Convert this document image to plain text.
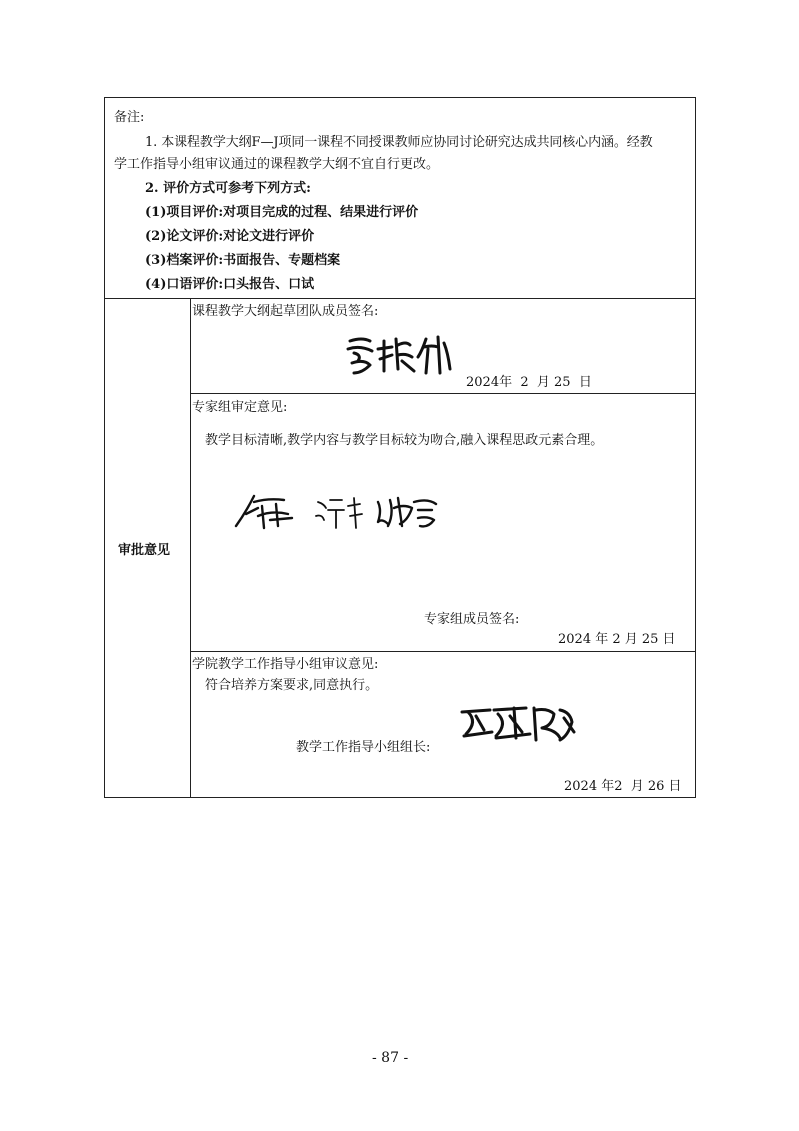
备注:
1. 本课程教学大纲F—J项同一课程不同授课教师应协同讨论研究达成共同核心内涵。经教
学工作指导小组审议通过的课程教学大纲不宜自行更改。
2. 评价方式可参考下列方式:
(1)项目评价:对项目完成的过程、结果进行评价
(2)论文评价:对论文进行评价
(3)档案评价:书面报告、专题档案
(4)口语评价:口头报告、口试
审批意见
课程教学大纲起草团队成员签名:
2024年  2  月 25  日
专家组审定意见:
教学目标清晰,教学内容与教学目标较为吻合,融入课程思政元素合理。
专家组成员签名:
2024 年 2 月 25 日
学院教学工作指导小组审议意见:
符合培养方案要求,同意执行。
教学工作指导小组组长:
2024 年2  月 26 日
- 87 -
